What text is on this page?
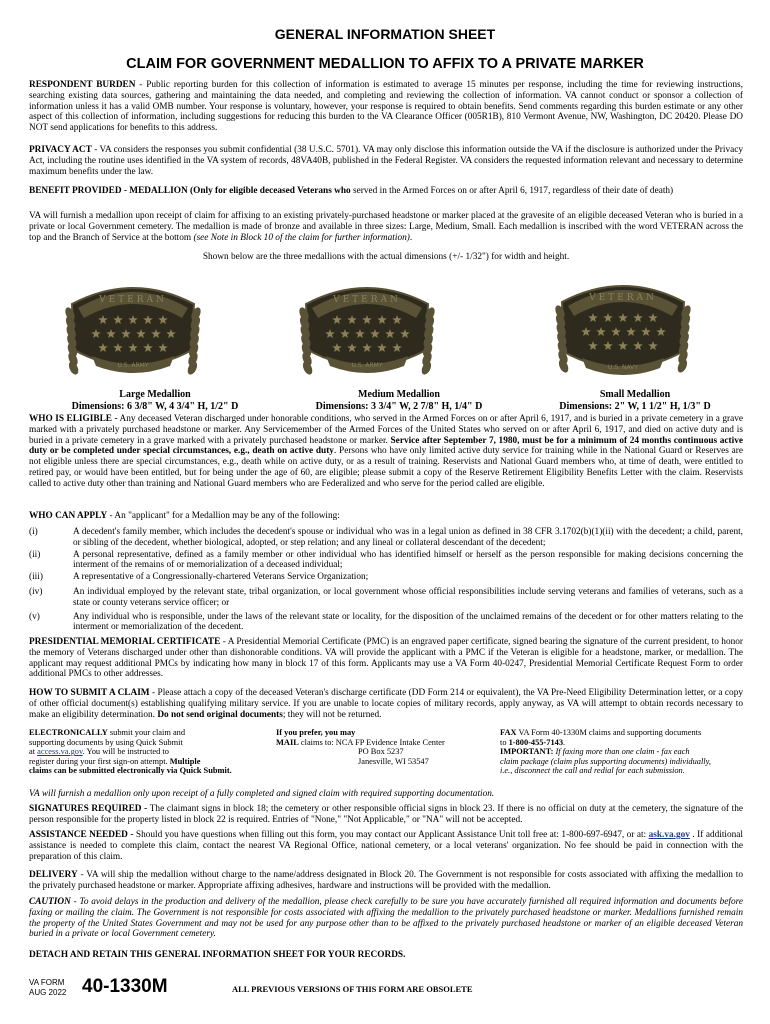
GENERAL INFORMATION SHEET
CLAIM FOR GOVERNMENT MEDALLION TO AFFIX TO A PRIVATE MARKER

RESPONDENT BURDEN - Public reporting burden for this collection of information is estimated to average 15 minutes per response, including the time for reviewing instructions, searching existing data sources, gathering and maintaining the data needed, and completing and reviewing the collection of information. VA cannot conduct or sponsor a collection of information unless it has a valid OMB number. Your response is voluntary, however, your response is required to obtain benefits. Send comments regarding this burden estimate or any other aspect of this collection of information, including suggestions for reducing this burden to the VA Clearance Officer (005R1B), 810 Vermont Avenue, NW, Washington, DC 20420. Please DO NOT send applications for benefits to this address.

PRIVACY ACT - VA considers the responses you submit confidential (38 U.S.C. 5701). VA may only disclose this information outside the VA if the disclosure is authorized under the Privacy Act, including the routine uses identified in the VA system of records, 48VA40B, published in the Federal Register. VA considers the requested information relevant and necessary to determine maximum benefits under the law.

BENEFIT PROVIDED - MEDALLION (Only for eligible deceased Veterans who served in the Armed Forces on or after April 6, 1917, regardless of their date of death)

VA will furnish a medallion upon receipt of claim for affixing to an existing privately-purchased headstone or marker placed at the gravesite of an eligible deceased Veteran who is buried in a private or local Government cemetery. The medallion is made of bronze and available in three sizes: Large, Medium, Small. Each medallion is inscribed with the word VETERAN across the top and the Branch of Service at the bottom (see Note in Block 10 of the claim for further information).

Shown below are the three medallions with the actual dimensions (+/- 1/32") for width and height.

VETERAN
U.S. ARMY
VETERAN
U.S. ARMY
VETERAN
U.S. NAVY
Large Medallion
Dimensions: 6 3/8" W, 4 3/4" H, 1/2" D
Medium Medallion
Dimensions: 3 3/4" W, 2 7/8" H, 1/4" D
Small Medallion
Dimensions: 2" W, 1 1/2" H, 1/3" D

WHO IS ELIGIBLE - Any deceased Veteran discharged under honorable conditions, who served in the Armed Forces on or after April 6, 1917, and is buried in a private cemetery in a grave marked with a privately purchased headstone or marker. Any Servicemember of the Armed Forces of the United States who served on or after April 6, 1917, and died on active duty and is buried in a private cemetery in a grave marked with a privately purchased headstone or marker. Service after September 7, 1980, must be for a minimum of 24 months continuous active duty or be completed under special circumstances, e.g., death on active duty. Persons who have only limited active duty service for training while in the National Guard or Reserves are not eligible unless there are special circumstances, e.g., death while on active duty, or as a result of training. Reservists and National Guard members who, at time of death, were entitled to retired pay, or would have been entitled, but for being under the age of 60, are eligible; please submit a copy of the Reserve Retirement Eligibility Benefits Letter with the claim. Reservists called to active duty other than training and National Guard members who are Federalized and who serve for the period called are eligible.

WHO CAN APPLY - An "applicant" for a Medallion may be any of the following:

(i)	A decedent's family member, which includes the decedent's spouse or individual who was in a legal union as defined in 38 CFR 3.1702(b)(1)(ii) with the decedent; a child, parent, or sibling of the decedent, whether biological, adopted, or step relation; and any lineal or collateral descendant of the decedent;
(ii)	A personal representative, defined as a family member or other individual who has identified himself or herself as the person responsible for making decisions concerning the interment of the remains of or memorialization of a deceased individual;
(iii)	A representative of a Congressionally-chartered Veterans Service Organization;
(iv)	An individual employed by the relevant state, tribal organization, or local government whose official responsibilities include serving veterans and families of veterans, such as a state or county veterans service officer; or
(v)	Any individual who is responsible, under the laws of the relevant state or locality, for the disposition of the unclaimed remains of the decedent or for other matters relating to the interment or memorialization of the decedent.

PRESIDENTIAL MEMORIAL CERTIFICATE - A Presidential Memorial Certificate (PMC) is an engraved paper certificate, signed bearing the signature of the current president, to honor the memory of Veterans discharged under other than dishonorable conditions. VA will provide the applicant with a PMC if the Veteran is eligible for a headstone, marker, or medallion. The applicant may request additional PMCs by indicating how many in block 17 of this form. Applicants may use a VA Form 40-0247, Presidential Memorial Certificate Request Form to order additional PMCs to other addresses.

HOW TO SUBMIT A CLAIM - Please attach a copy of the deceased Veteran's discharge certificate (DD Form 214 or equivalent), the VA Pre-Need Eligibility Determination letter, or a copy of other official document(s) establishing qualifying military service. If you are unable to locate copies of military records, apply anyway, as VA will attempt to obtain records necessary to make an eligibility determination. Do not send original documents; they will not be returned.

ELECTRONICALLY submit your claim and
supporting documents by using Quick Submit
at access.va.gov. You will be instructed to
register during your first sign-on attempt. Multiple
claims can be submitted electronically via Quick Submit.
If you prefer, you may
MAIL claims to: NCA FP Evidence Intake Center
PO Box 5237
Janesville, WI 53547
FAX VA Form 40-1330M claims and supporting documents
to 1-800-455-7143.
IMPORTANT: If faxing more than one claim - fax each
claim package (claim plus supporting documents) individually,
i.e., disconnect the call and redial for each submission.

VA will furnish a medallion only upon receipt of a fully completed and signed claim with required supporting documentation.

SIGNATURES REQUIRED - The claimant signs in block 18; the cemetery or other responsible official signs in block 23. If there is no official on duty at the cemetery, the signature of the person responsible for the property listed in block 22 is required. Entries of "None," "Not Applicable," or "NA" will not be accepted.

ASSISTANCE NEEDED - Should you have questions when filling out this form, you may contact our Applicant Assistance Unit toll free at: 1-800-697-6947, or at: ask.va.gov . If additional assistance is needed to complete this claim, contact the nearest VA Regional Office, national cemetery, or a local veterans' organization. No fee should be paid in connection with the preparation of this claim.

DELIVERY - VA will ship the medallion without charge to the name/address designated in Block 20. The Government is not responsible for costs associated with affixing the medallion to the privately purchased headstone or marker. Appropriate affixing adhesives, hardware and instructions will be provided with the medallion.

CAUTION - To avoid delays in the production and delivery of the medallion, please check carefully to be sure you have accurately furnished all required information and documents before faxing or mailing the claim. The Government is not responsible for costs associated with affixing the medallion to the privately purchased headstone or marker. Medallions furnished remain the property of the United States Government and may not be used for any purpose other than to be affixed to the privately purchased headstone or marker of an eligible deceased Veteran buried in a private or local Government cemetery.

DETACH AND RETAIN THIS GENERAL INFORMATION SHEET FOR YOUR RECORDS.

VA FORM
AUG 2022 40-1330M	ALL PREVIOUS VERSIONS OF THIS FORM ARE OBSOLETE
